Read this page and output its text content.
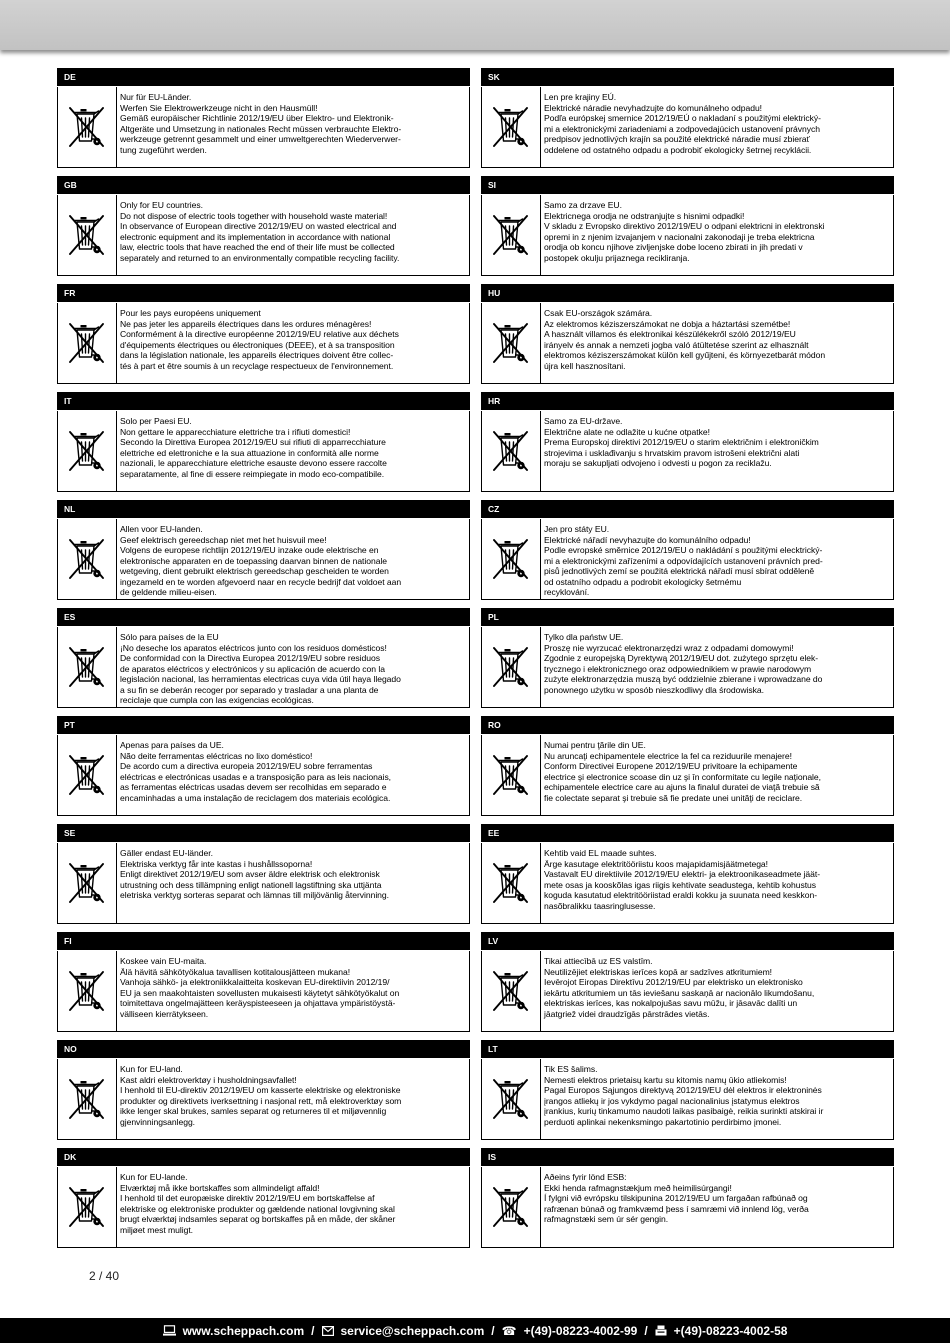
DE
Nur für EU-Länder.
Werfen Sie Elektrowerkzeuge nicht in den Hausmüll!
Gemäß europäischer Richtlinie 2012/19/EU über Elektro- und Elektronik-
Altgeräte und Umsetzung in nationales Recht müssen verbrauchte Elektro-
werkzeuge getrennt gesammelt und einer umweltgerechten Wiederverwer-
tung zugeführt werden.
SK
Len pre krajiny EÚ.
Elektrické náradie nevyhadzujte do komunálneho odpadu!
Podľa európskej smernice 2012/19/EÚ o nakladaní s použitými elektrický-
mi a elektronickými zariadeniami a zodpovedajúcich ustanovení právnych
predpisov jednotlivých krajín sa použité elektrické náradie musí zbierať
oddelene od ostatného odpadu a podrobiť ekologicky šetrnej recyklácii.
GB
Only for EU countries.
Do not dispose of electric tools together with household waste material!
In observance of European directive 2012/19/EU on wasted electrical and
electronic equipment and its implementation in accordance with national
law, electric tools that have reached the end of their life must be collected
separately and returned to an environmentally compatible recycling facility.
SI
Samo za drzave EU.
Elektricnega orodja ne odstranjujte s hisnimi odpadki!
V skladu z Evropsko direktivo 2012/19/EU o odpani elektricni in elektronski
opremi in z njenim izvajanjem v nacionalni zakonodaji je treba elektricna
orodja ob koncu njihove zivljenjske dobe loceno zbirati in jih predati v
postopek okulju prijaznega recikliranja.
FR
Pour les pays européens uniquement
Ne pas jeter les appareils électriques dans les ordures ménagères!
Conformément à la directive européenne 2012/19/EU relative aux déchets
d'équipements électriques ou électroniques (DEEE), et à sa transposition
dans la législation nationale, les appareils électriques doivent être collec-
tés à part et être soumis à un recyclage respectueux de l'environnement.
HU
Csak EU-országok számára.
Az elektromos kéziszerszámokat ne dobja a háztartási szemétbe!
A használt villamos és elektronikai készülékekről szóló 2012/19/EU
irányelv és annak a nemzeti jogba való átültetése szerint az elhasznált
elektromos kéziszerszámokat külön kell gyűjteni, és környezetbarát módon
újra kell hasznosítani.
IT
Solo per Paesi EU.
Non gettare le apparecchiature elettriche tra i rifiuti domestici!
Secondo la Direttiva Europea 2012/19/EU sui rifiuti di apparrecchiature
elettriche ed elettroniche e la sua attuazione in conformità alle norme
nazionali, le apparecchiature elettriche esauste devono essere raccolte
separatamente, al fine di essere reimpiegate in modo eco-compatibile.
HR
Samo za EU-države.
Električne alate ne odlažite u kućne otpatke!
Prema Europskoj direktivi 2012/19/EU o starim električnim i elektroničkim
strojevima i usklađivanju s hrvatskim pravom istrošeni električni alati
moraju se sakupljati odvojeno i odvesti u pogon za reciklažu.
NL
Allen voor EU-landen.
Geef elektrisch gereedschap niet met het huisvuil mee!
Volgens de europese richtlijn 2012/19/EU inzake oude elektrische en
elektronische apparaten en de toepassing daarvan binnen de nationale
wetgeving, dient gebruikt elektrisch gereedschap gescheiden te worden
ingezameld en te worden afgevoerd naar en recycle bedrijf dat voldoet aan
de geldende milieu-eisen.
CZ
Jen pro státy EU.
Elektrické nářadí nevyhazujte do komunálního odpadu!
Podle evropské směrnice 2012/19/EU o nakládání s použitými elecktrický-
mi a elektronickými zařízeními a odpovídajících ustanovení právních pred-
pisů jednotlivých zemí se použitá elektrická nářadí musí sbírat odděleně
od ostatního odpadu a podrobit ekologicky šetrnému
recyklování.
ES
Sólo para países de la EU
¡No deseche los aparatos eléctricos junto con los residuos domésticos!
De conformidad con la Directiva Europea 2012/19/EU sobre residuos
de aparatos eléctricos y electrónicos y su aplicación de acuerdo con la
legislación nacional, las herramientas electricas cuya vida útil haya llegado
a su fin se deberán recoger por separado y trasladar a una planta de
reciclaje que cumpla con las exigencias ecológicas.
PL
Tylko dla państw UE.
Proszę nie wyrzucać elektronarzędzi wraz z odpadami domowymi!
Zgodnie z europejską Dyrektywą 2012/19/EU dot. zużytego sprzętu elek-
trycznego i elektronicznego oraz odpowiednikiem w prawie narodowym
zużyte elektronarzędzia muszą być oddzielnie zbierane i wprowadzane do
ponownego użytku w sposób nieszkodliwy dla środowiska.
PT
Apenas para países da UE.
Não deite ferramentas eléctricas no lixo doméstico!
De acordo cum a directiva europeia 2012/19/EU sobre ferramentas
eléctricas e electrónicas usadas e a transposição para as leis nacionais,
as ferramentas eléctricas usadas devem ser recolhidas em separado e
encaminhadas a uma instalação de reciclagem dos materiais ecológica.
RO
Numai pentru ţările din UE.
Nu aruncaţi echipamentele electrice la fel ca reziduurile menajere!
Conform Directivei Europene 2012/19/EU privitoare la echipamente
electrice şi electronice scoase din uz şi în conformitate cu legile naţionale,
echipamentele electrice care au ajuns la finalul duratei de viaţă trebuie să
fie colectate separat şi trebuie să fie predate unei unităţi de reciclare.
SE
Gäller endast EU-länder.
Elektriska verktyg får inte kastas i hushållssoporna!
Enligt direktivet 2012/19/EU som avser äldre elektrisk och elektronisk
utrustning och dess tillämpning enligt nationell lagstiftning ska uttjänta
eletriska verktyg sorteras separat och lämnas till miljövänlig återvinning.
EE
Kehtib vaid EL maade suhtes.
Ärge kasutage elektritööriistu koos majapidamisjäätmetega!
Vastavalt EU direktiivile 2012/19/EU elektri- ja elektroonikaseadmete jäät-
mete osas ja kooskõlas igas riigis kehtivate seadustega, kehtib kohustus
koguda kasutatud elektritööriistad eraldi kokku ja suunata need keskkon-
nasõbralikku taasringlusesse.
FI
Koskee vain EU-maita.
Älä hävitä sähkötyökalua tavallisen kotitalousjätteen mukana!
Vanhoja sähkö- ja elektroniikkalaitteita koskevan EU-direktiivin 2012/19/
EU ja sen maakohtaisten sovellusten mukaisesti käytetyt sähkötyökalut on
toimitettava ongelmajätteen keräyspisteeseen ja ohjattava ympäristöystä-
välliseen kierrätykseen.
LV
Tikai attiecībā uz ES valstīm.
Neutilizējiet elektriskas ierīces kopā ar sadzīves atkritumiem!
Ievērojot Eiropas Direktīvu 2012/19/EU par elektrisko un elektronisko
iekārtu atkritumiem un tās ieviešanu saskaņā ar nacionālo likumdošanu,
elektriskas ierīces, kas nokalpojušas savu mūžu, ir jāsavāc dalīti un
jāatgriež videi draudzīgās pārstrādes vietās.
NO
Kun for EU-land.
Kast aldri elektroverktøy i husholdningsavfallet!
I henhold til EU-direktiv 2012/19/EU om kasserte elektriske og elektroniske
produkter og direktivets iverksettning i nasjonal rett, må elektroverktøy som
ikke lenger skal brukes, samles separat og returneres til et miljøvennlig
gjenvinningsanlegg.
LT
Tik ES šalims.
Nemesti elektros prietaisų kartu su kitomis namų ūkio atliekomis!
Pagal Europos Sąjungos direktyvą 2012/19/EU dėl elektros ir elektroninės
įrangos atliekų ir jos vykdymo pagal nacionalinius įstatymus elektros
įrankius, kurių tinkamumo naudoti laikas pasibaigė, reikia surinkti atskirai ir
perduoti aplinkai nekenksmingo pakartotinio perdirbimo įmonei.
DK
Kun for EU-lande.
Elværktøj må ikke bortskaffes som allmindeligt affald!
I henhold til det europæiske direktiv 2012/19/EU em bortskaffelse af
elektriske og elektroniske produkter og gældende national lovgivning skal
brugt elværktøj indsamles separat og bortskaffes på en måde, der skåner
miljøet mest muligt.
IS
Aðeins fyrir lönd ESB:
Ekki henda rafmagnstækjum með heimilisúrgangi!
Í fylgni við evrópsku tilskipunina 2012/19/EU um fargaðan rafbúnað og
rafrænan búnað og framkvæmd þess í samræmi við innlend lög, verða
rafmagnstæki sem úr sér gengin.
2 / 40
www.scheppach.com / service@scheppach.com / ☎ +(49)-08223-4002-99 / +(49)-08223-4002-58
